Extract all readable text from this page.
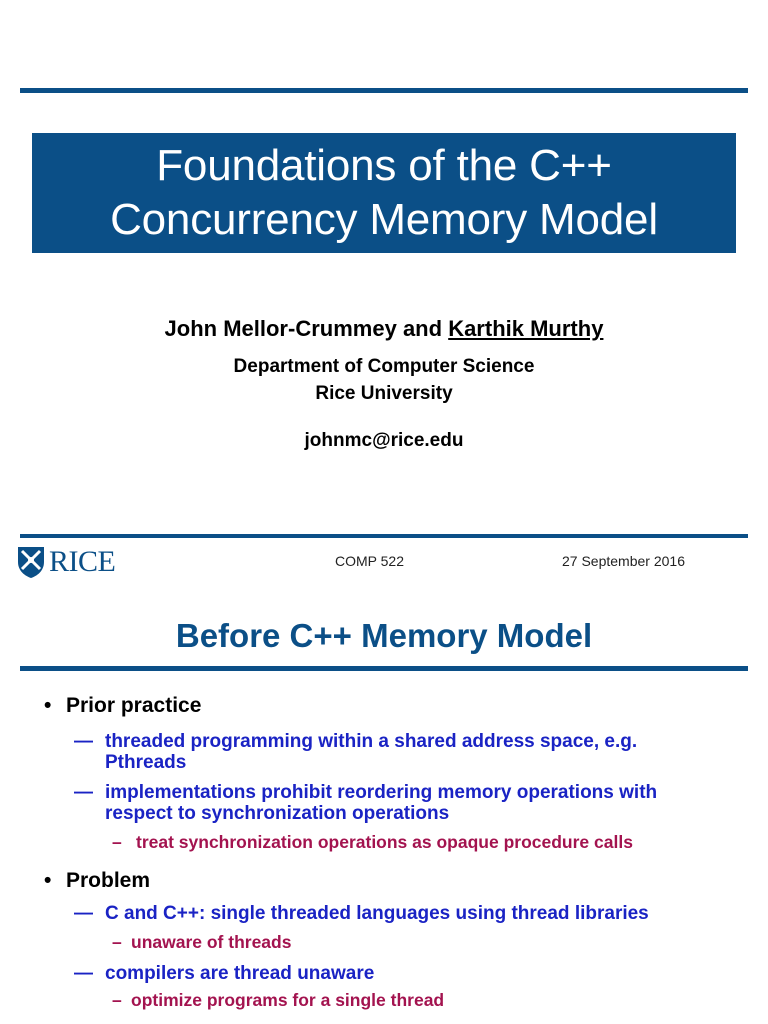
Foundations of the C++
Concurrency Memory Model
John Mellor-Crummey and Karthik Murthy
Department of Computer Science
Rice University
johnmc@rice.edu
RICE	COMP 522	27 September 2016
Before C++ Memory Model
• Prior practice
— threaded programming within a shared address space, e.g.
Pthreads
— implementations prohibit reordering memory operations with
respect to synchronization operations
– treat synchronization operations as opaque procedure calls
• Problem
— C and C++: single threaded languages using thread libraries
– unaware of threads
— compilers are thread unaware
– optimize programs for a single thread
